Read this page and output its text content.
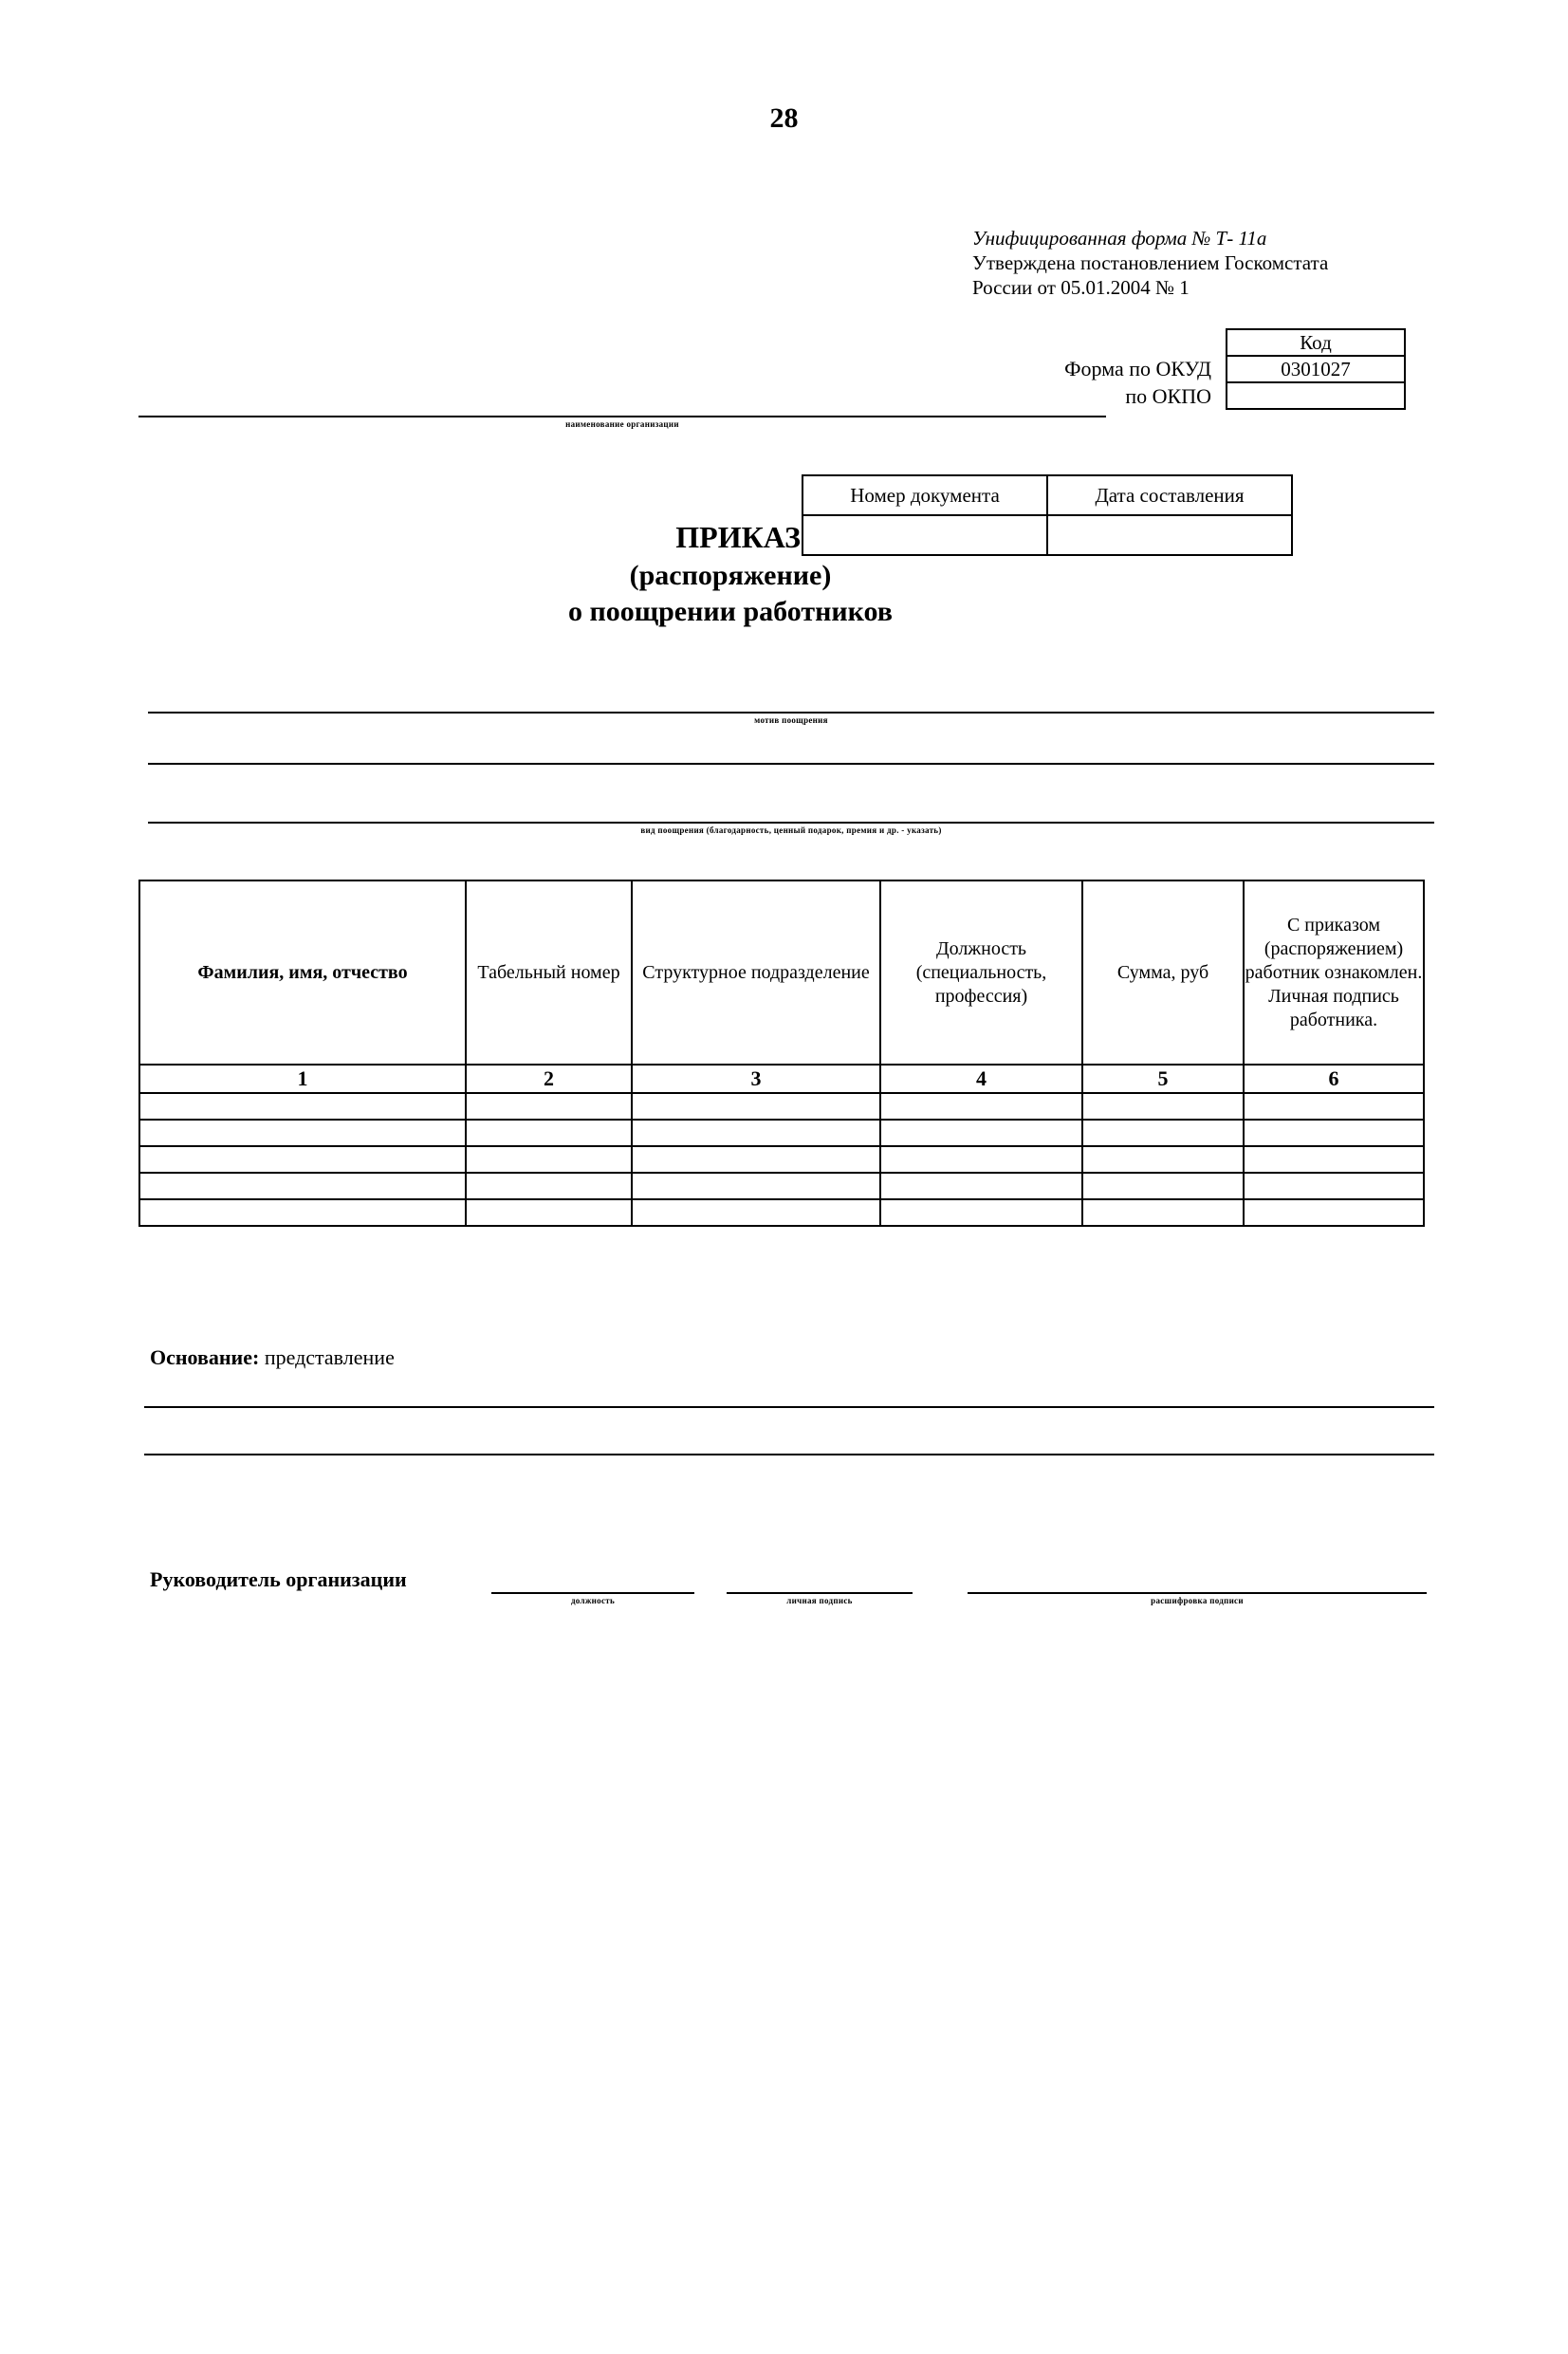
28
Унифицированная форма № Т- 11а
Утверждена постановлением Госкомстата
России от 05.01.2004 № 1
Код
0301027

Форма по ОКУД
по ОКПО
наименование организации
Номер документа	Дата составления

ПРИКАЗ
(распоряжение)
о поощрении работников
мотив поощрения
вид поощрения (благодарность, ценный подарок, премия и др. - указать)
Фамилия, имя, отчество	Табельный номер	Структурное подразделение	Должность (специальность, профессия)	Сумма, руб	С приказом (распоряжением) работник ознакомлен. Личная подпись работника.
1	2	3	4	5	6

Основание: представление
Руководитель организации
должность	личная подпись	расшифровка подписи
